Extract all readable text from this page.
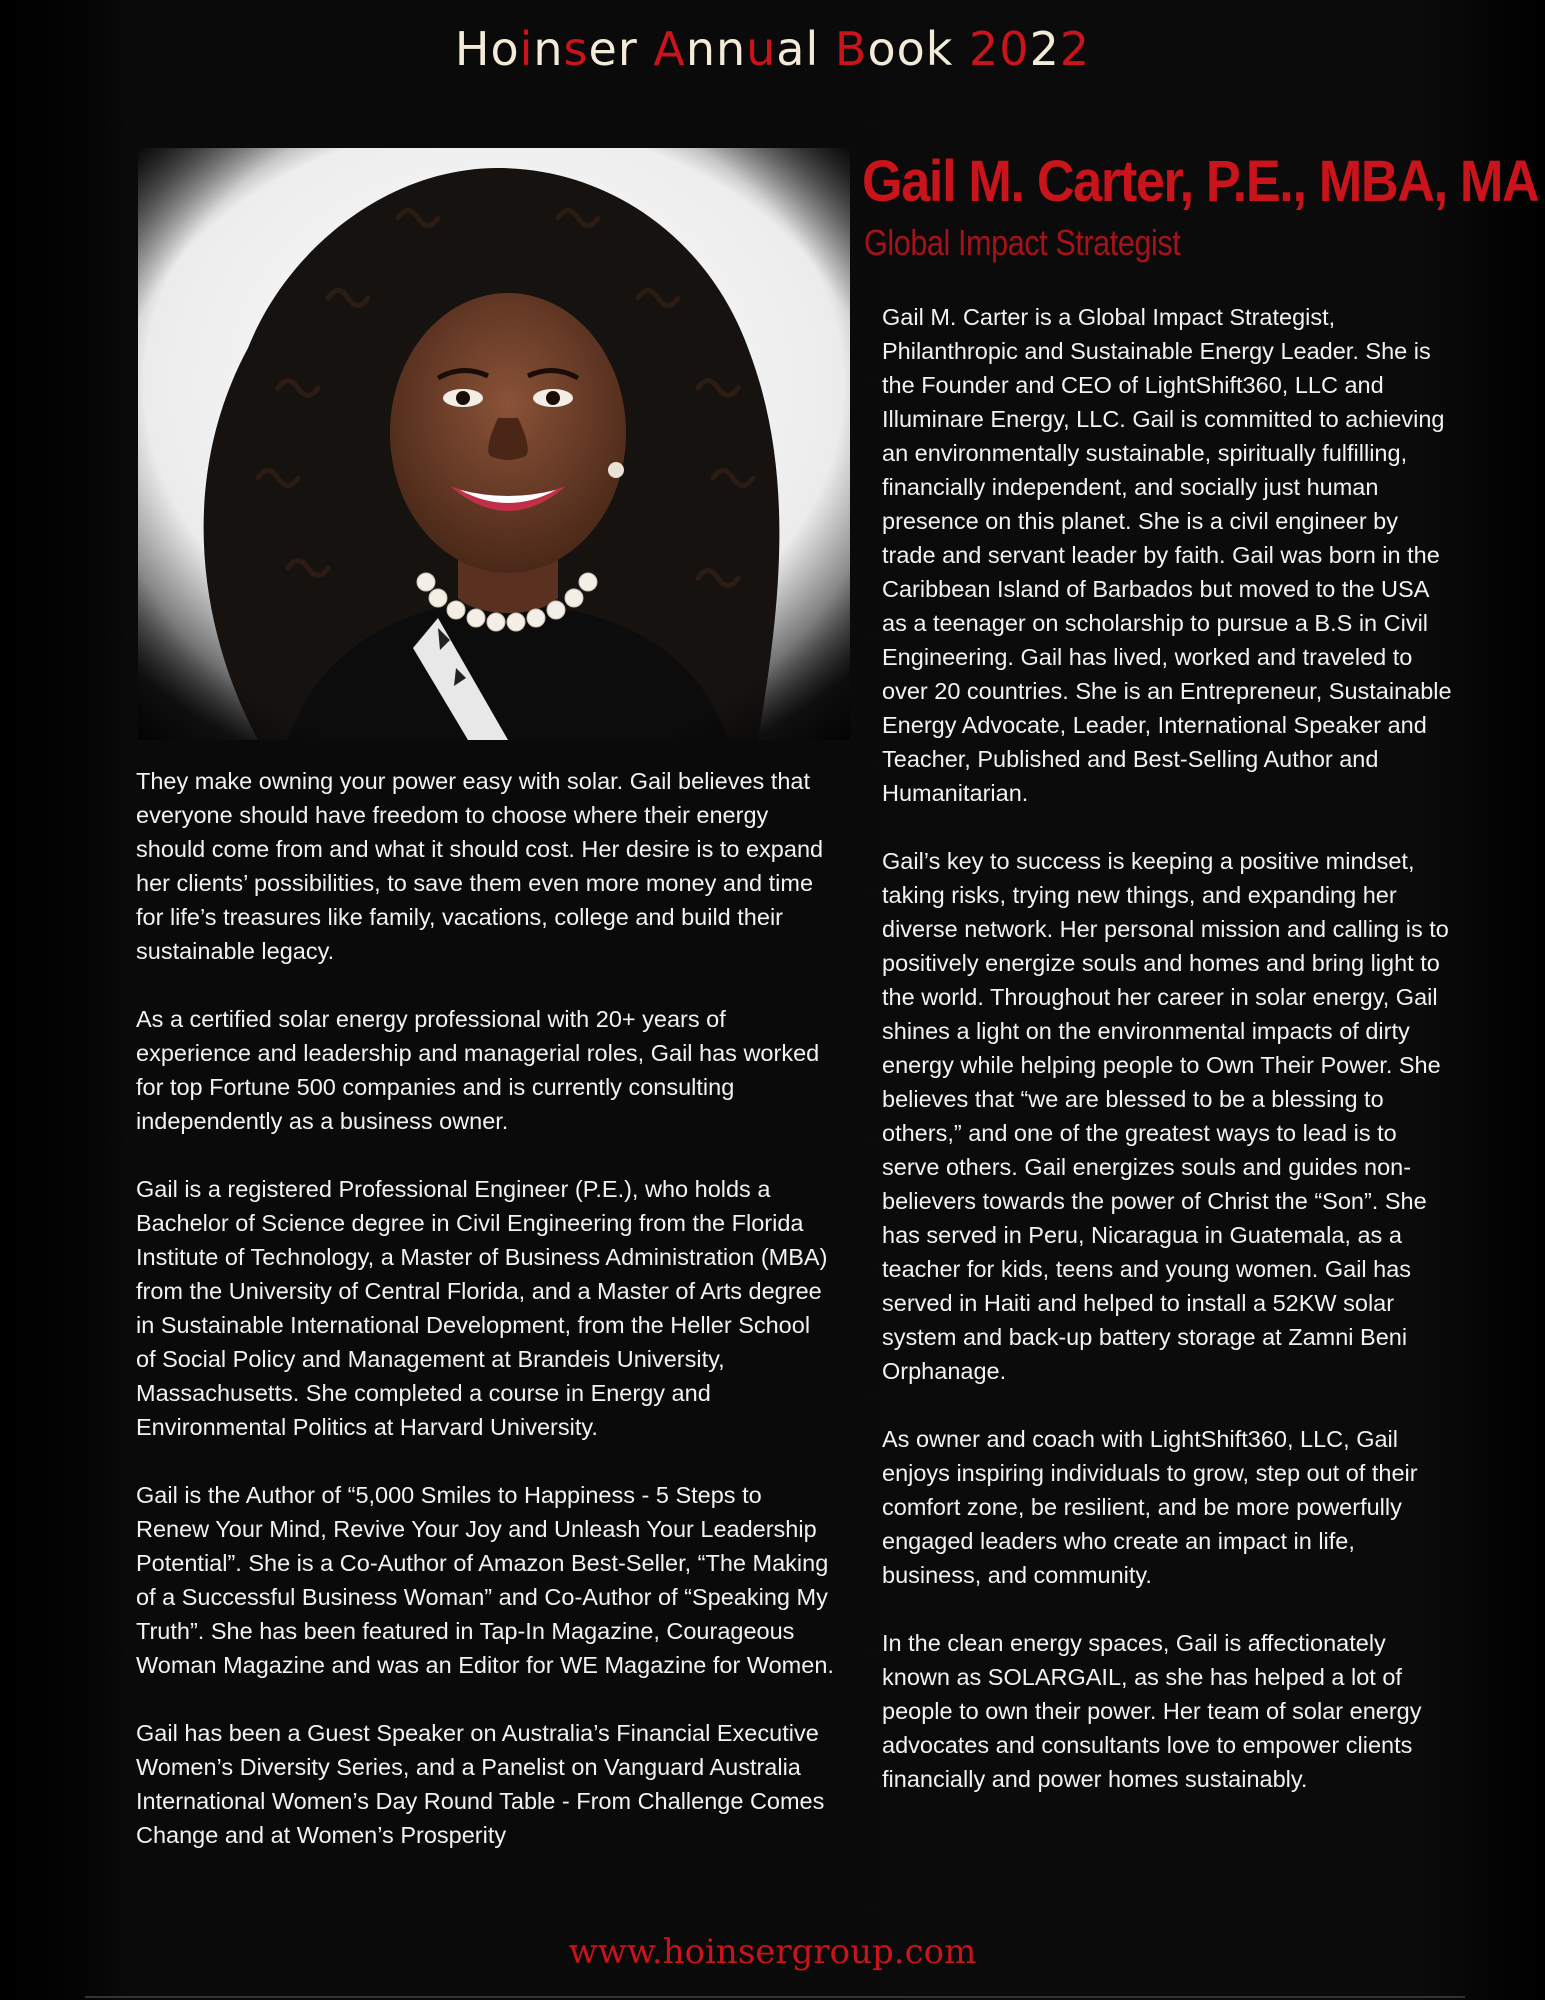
Hoinser Annual Book 2022
Gail M. Carter, P.E., MBA, MA
Global Impact Strategist

Gail M. Carter is a Global Impact Strategist, Philanthropic and Sustainable Energy Leader. She is the Founder and CEO of LightShift360, LLC and Illuminare Energy, LLC. Gail is committed to achieving an environmentally sustainable, spiritually fulfilling, financially independent, and socially just human presence on this planet. She is a civil engineer by trade and servant leader by faith. Gail was born in the Caribbean Island of Barbados but moved to the USA as a teenager on scholarship to pursue a B.S in Civil Engineering. Gail has lived, worked and traveled to over 20 countries. She is an Entrepreneur, Sustainable Energy Advocate, Leader, International Speaker and Teacher, Published and Best-Selling Author and Humanitarian.

Gail’s key to success is keeping a positive mindset, taking risks, trying new things, and expanding her diverse network. Her personal mission and calling is to positively energize souls and homes and bring light to the world. Throughout her career in solar energy, Gail shines a light on the environmental impacts of dirty energy while helping people to Own Their Power. She believes that “we are blessed to be a blessing to others,” and one of the greatest ways to lead is to serve others. Gail energizes souls and guides non-believers towards the power of Christ the “Son”. She has served in Peru, Nicaragua in Guatemala, as a teacher for kids, teens and young women. Gail has served in Haiti and helped to install a 52KW solar system and back-up battery storage at Zamni Beni Orphanage.

As owner and coach with LightShift360, LLC, Gail enjoys inspiring individuals to grow, step out of their comfort zone, be resilient, and be more powerfully engaged leaders who create an impact in life, business, and community.

In the clean energy spaces, Gail is affectionately known as SOLARGAIL, as she has helped a lot of people to own their power. Her team of solar energy advocates and consultants love to empower clients financially and power homes sustainably.

They make owning your power easy with solar. Gail believes that everyone should have freedom to choose where their energy should come from and what it should cost. Her desire is to expand her clients’ possibilities, to save them even more money and time for life’s treasures like family, vacations, college and build their sustainable legacy.

As a certified solar energy professional with 20+ years of experience and leadership and managerial roles, Gail has worked for top Fortune 500 companies and is currently consulting independently as a business owner.

Gail is a registered Professional Engineer (P.E.), who holds a Bachelor of Science degree in Civil Engineering from the Florida Institute of Technology, a Master of Business Administration (MBA) from the University of Central Florida, and a Master of Arts degree in Sustainable International Development, from the Heller School of Social Policy and Management at Brandeis University, Massachusetts. She completed a course in Energy and Environmental Politics at Harvard University.

Gail is the Author of “5,000 Smiles to Happiness - 5 Steps to Renew Your Mind, Revive Your Joy and Unleash Your Leadership Potential”. She is a Co-Author of Amazon Best-Seller, “The Making of a Successful Business Woman” and Co-Author of “Speaking My Truth”. She has been featured in Tap-In Magazine, Courageous Woman Magazine and was an Editor for WE Magazine for Women.

Gail has been a Guest Speaker on Australia’s Financial Executive Women’s Diversity Series, and a Panelist on Vanguard Australia International Women’s Day Round Table - From Challenge Comes Change and at Women’s Prosperity

www.hoinsergroup.com
